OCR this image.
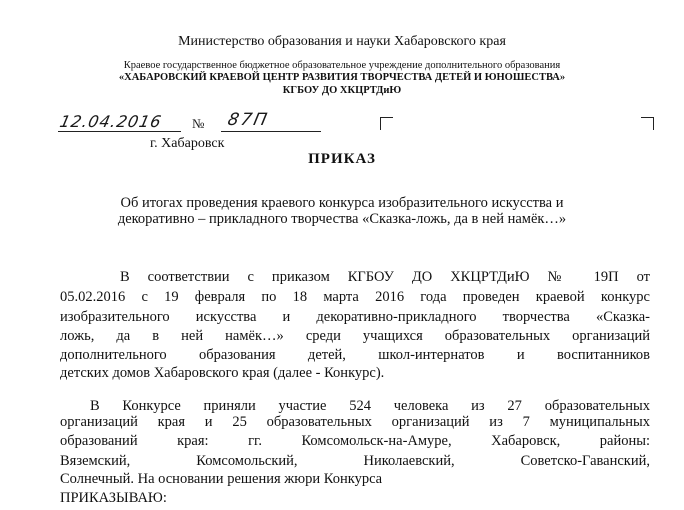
Министерство образования и науки Хабаровского края
Краевое государственное бюджетное образовательное учреждение дополнительного образования
«ХАБАРОВСКИЙ КРАЕВОЙ ЦЕНТР РАЗВИТИЯ ТВОРЧЕСТВА ДЕТЕЙ И ЮНОШЕСТВА»
КГБОУ ДО ХКЦРТДиЮ
12.04.2016 № 87П
г. Хабаровск
ПРИКАЗ
Об итогах проведения краевого конкурса изобразительного искусства и
декоративно – прикладного творчества «Сказка-ложь, да в ней намёк…»
В соответствии с приказом КГБОУ ДО ХКЦРТДиЮ № 19П от
05.02.2016 с 19 февраля по 18 марта 2016 года проведен краевой конкурс
изобразительного искусства и декоративно-прикладного творчества «Сказка-
ложь, да в ней намёк…» среди учащихся образовательных организаций
дополнительного образования детей, школ-интернатов и воспитанников
детских домов Хабаровского края (далее - Конкурс).
В Конкурсе приняли участие 524 человека из 27 образовательных
организаций края и 25 образовательных организаций из 7 муниципальных
образований края: гг. Комсомольск-на-Амуре, Хабаровск, районы:
Вяземский, Комсомольский, Николаевский, Советско-Гаванский,
Солнечный. На основании решения жюри Конкурса
ПРИКАЗЫВАЮ:
